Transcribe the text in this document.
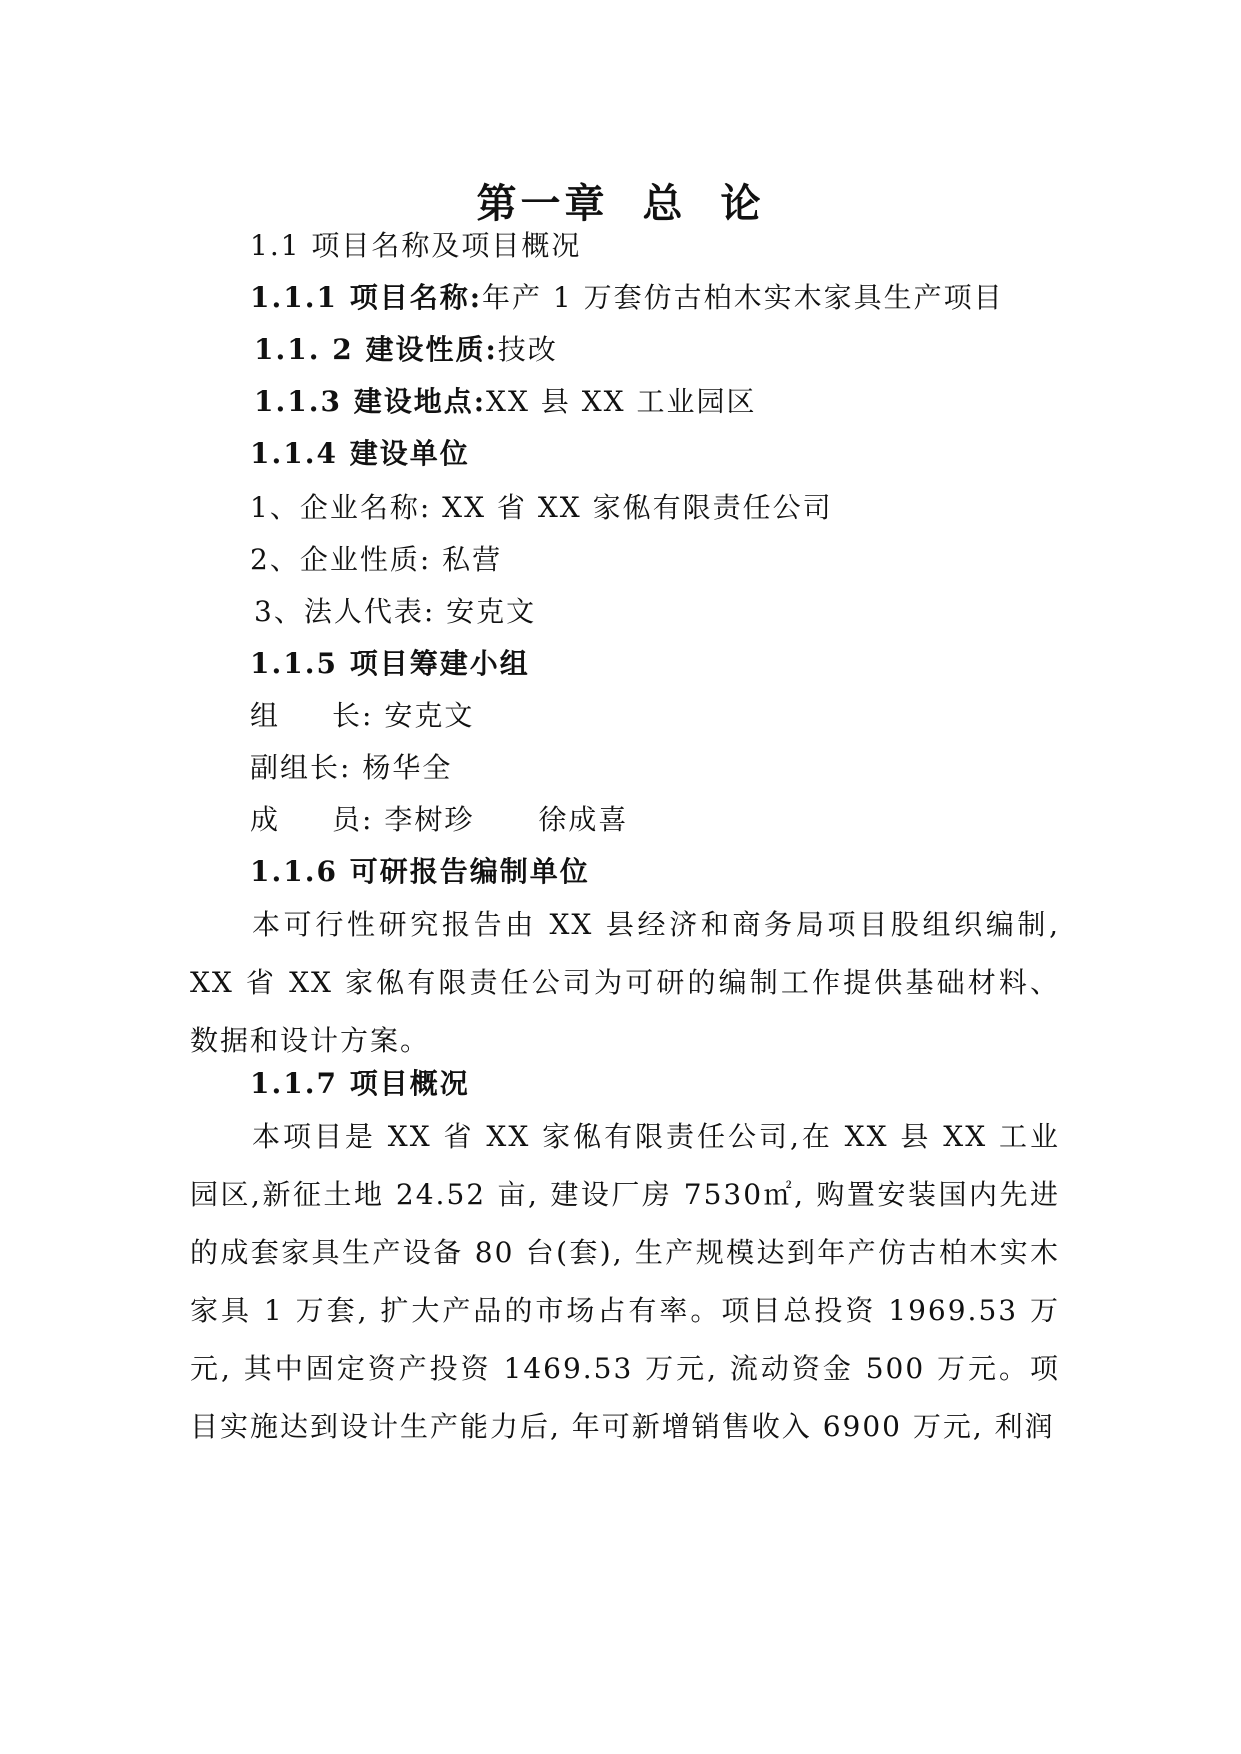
第一章 总 论
1.1 项目名称及项目概况
1.1.1 项目名称:年产 1 万套仿古柏木实木家具生产项目
1.1. 2 建设性质:技改
1.1.3 建设地点:XX 县 XX 工业园区
1.1.4 建设单位
1、企业名称: XX 省 XX 家俬有限责任公司
2、企业性质: 私营
3、法人代表: 安克文
1.1.5 项目筹建小组
组 长: 安克文
副组长: 杨华全
成 员: 李树珍 徐成喜
1.1.6 可研报告编制单位
本可行性研究报告由 XX 县经济和商务局项目股组织编制, XX 省 XX 家俬有限责任公司为可研的编制工作提供基础材料、数据和设计方案。
1.1.7 项目概况
本项目是 XX 省 XX 家俬有限责任公司,在 XX 县 XX 工业园区,新征土地 24.52 亩, 建设厂房 7530㎡, 购置安装国内先进的成套家具生产设备 80 台(套), 生产规模达到年产仿古柏木实木家具 1 万套, 扩大产品的市场占有率。项目总投资 1969.53 万元, 其中固定资产投资 1469.53 万元, 流动资金 500 万元。项目实施达到设计生产能力后, 年可新增销售收入 6900 万元, 利润
